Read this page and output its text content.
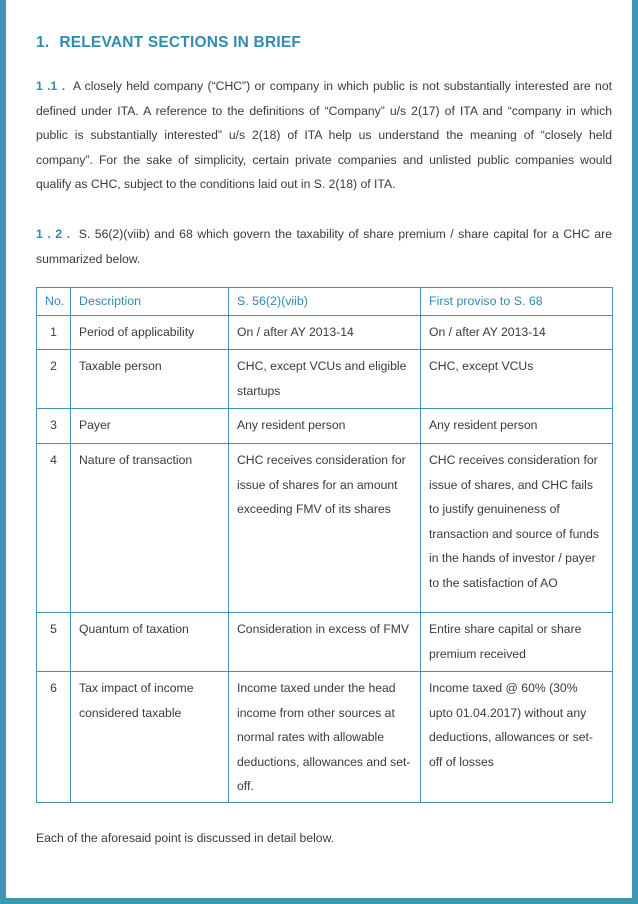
1. RELEVANT SECTIONS IN BRIEF
1 .1 . A closely held company (“CHC”) or company in which public is not substantially interested are not defined under ITA. A reference to the definitions of “Company” u/s 2(17) of ITA and “company in which public is substantially interested” u/s 2(18) of ITA help us understand the meaning of “closely held company”. For the sake of simplicity, certain private companies and unlisted public companies would qualify as CHC, subject to the conditions laid out in S. 2(18) of ITA.
1 . 2 . S. 56(2)(viib) and 68 which govern the taxability of share premium / share capital for a CHC are summarized below.
No.	Description	S. 56(2)(viib)	First proviso to S. 68
1	Period of applicability	On / after AY 2013-14	On / after AY 2013-14
2	Taxable person	CHC, except VCUs and eligible startups	CHC, except VCUs
3	Payer	Any resident person	Any resident person
4	Nature of transaction	CHC receives consideration for issue of shares for an amount exceeding FMV of its shares	CHC receives consideration for issue of shares, and CHC fails to justify genuineness of transaction and source of funds in the hands of investor / payer to the satisfaction of AO
5	Quantum of taxation	Consideration in excess of FMV	Entire share capital or share premium received
6	Tax impact of income considered taxable	Income taxed under the head income from other sources at normal rates with allowable deductions, allowances and set-off.	Income taxed @ 60% (30% upto 01.04.2017) without any deductions, allowances or set-off of losses
Each of the aforesaid point is discussed in detail below.
